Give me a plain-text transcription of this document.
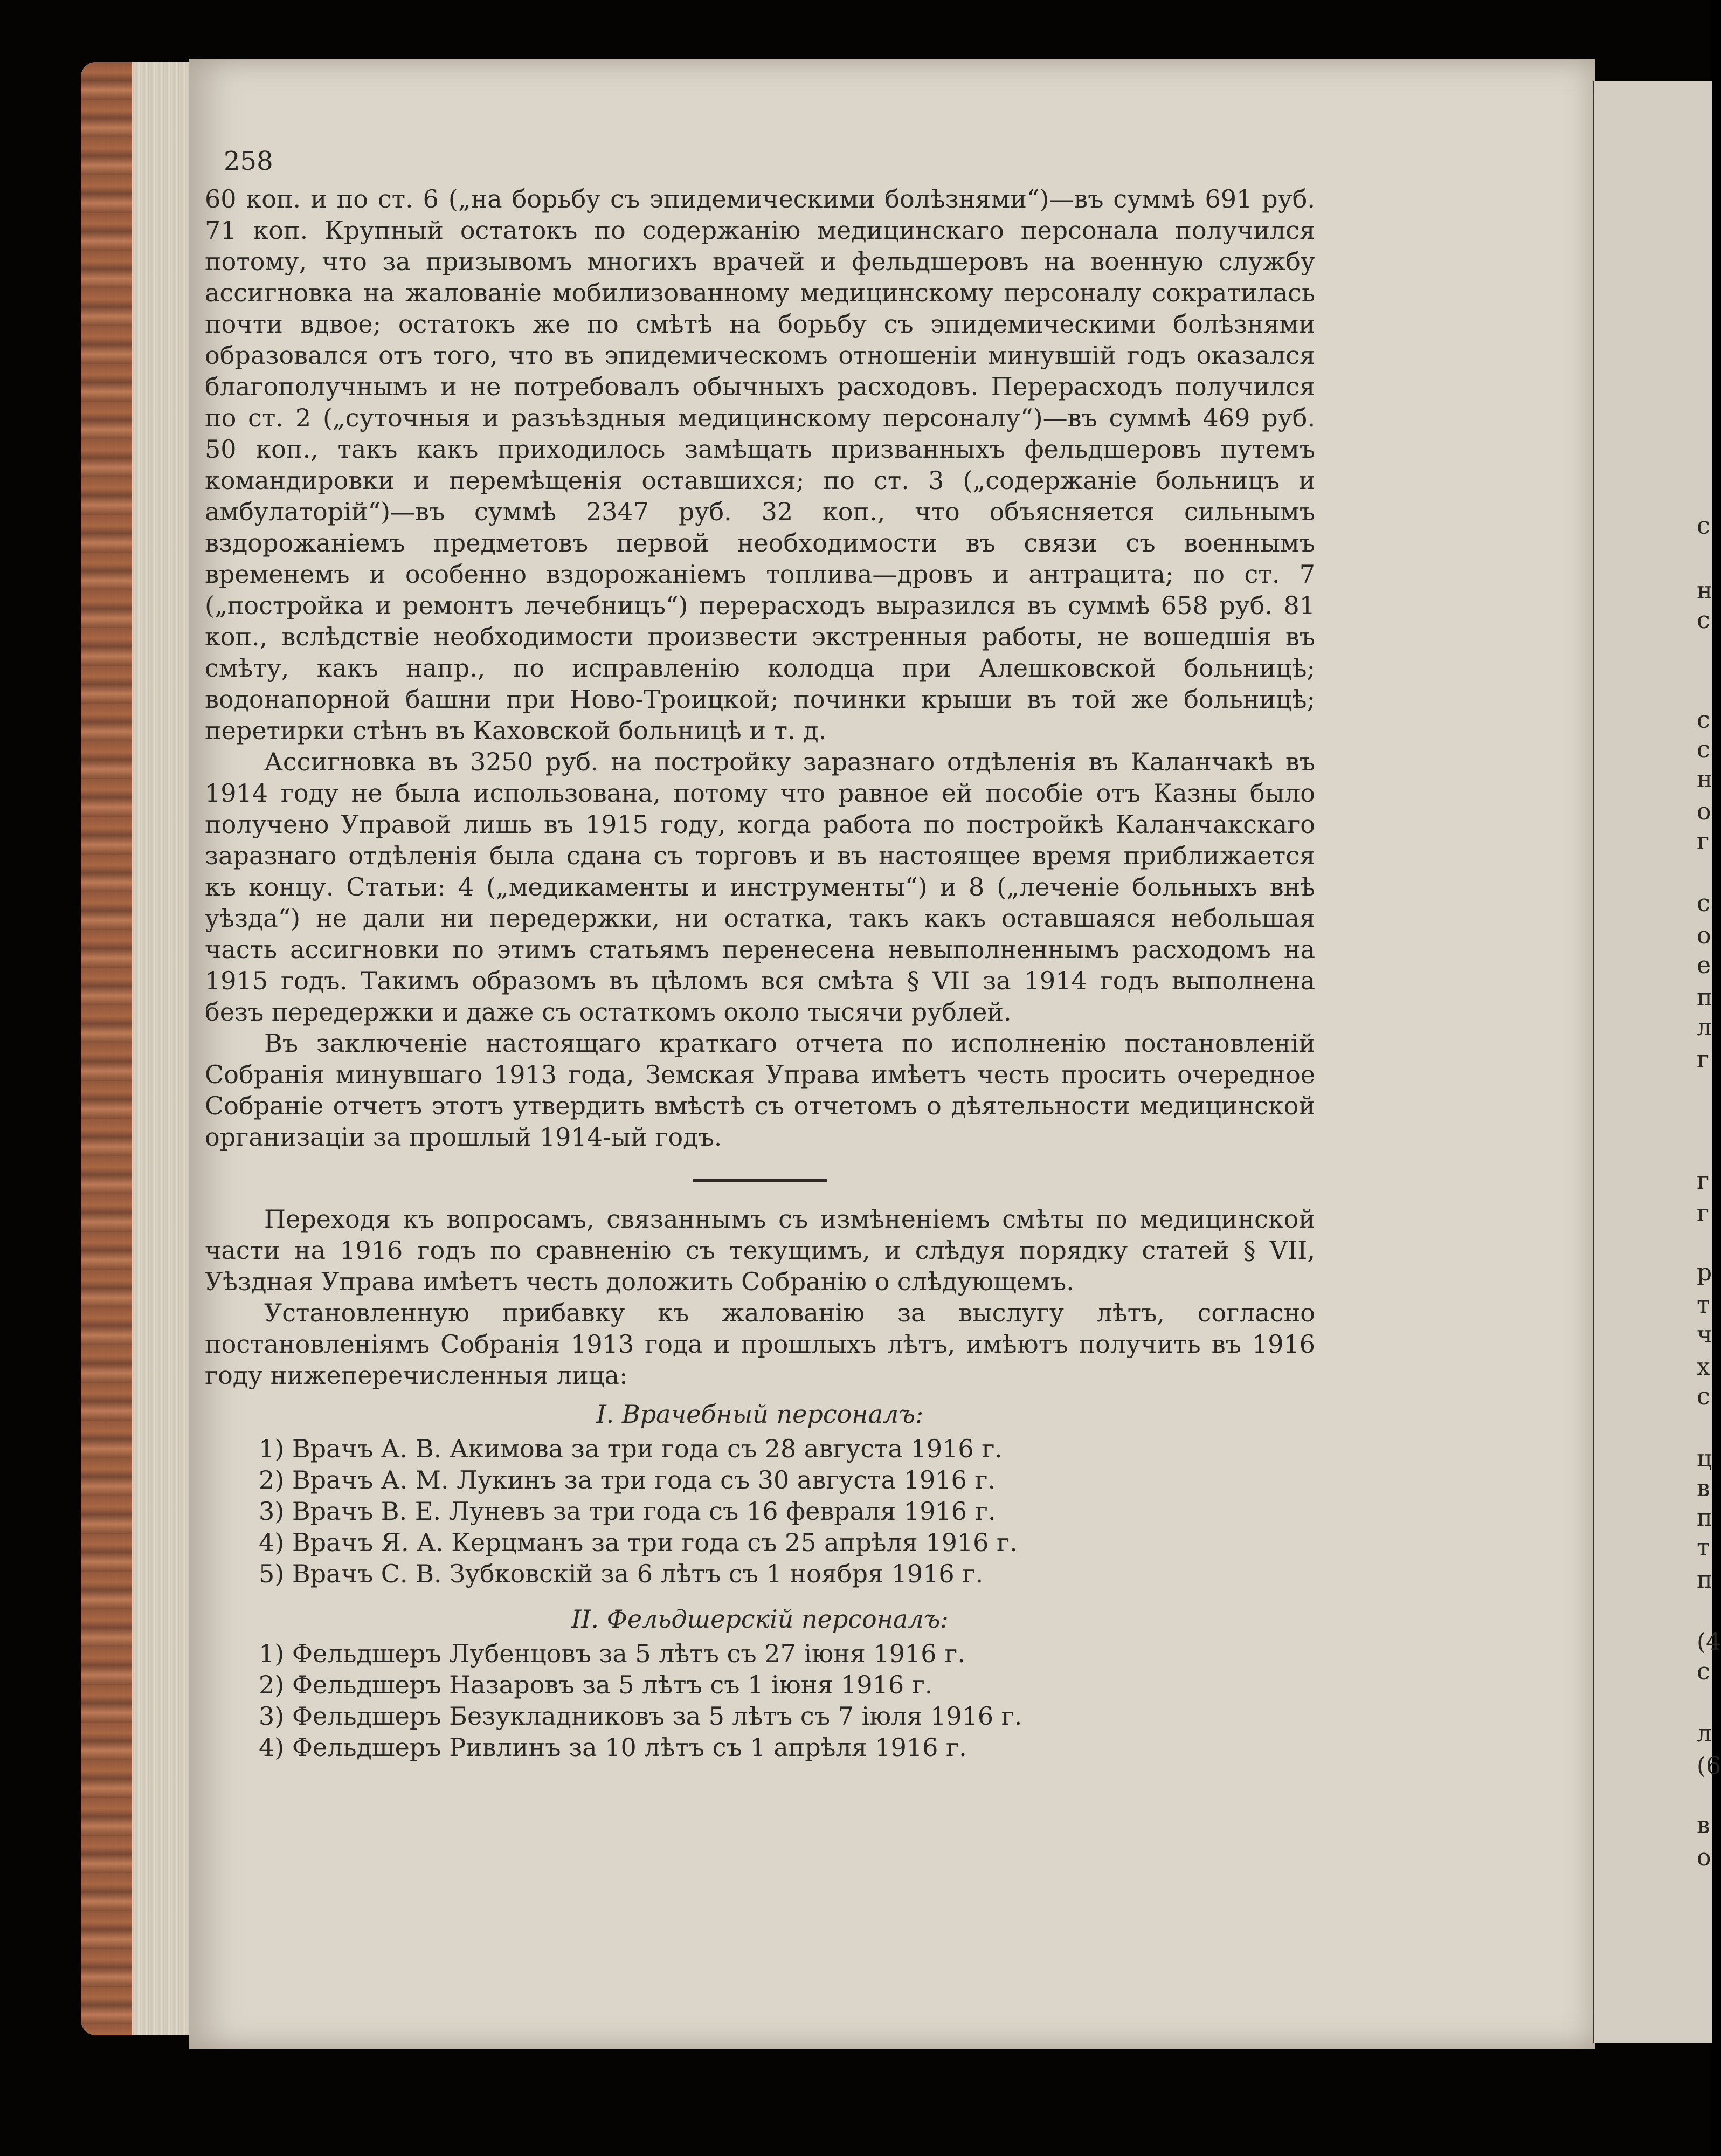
258

60 коп. и по ст. 6 („на борьбу съ эпидемическими болѣзнями“)—въ суммѣ 691 руб. 71 коп. Крупный остатокъ по содержанію медицинскаго персонала получился потому, что за призывомъ многихъ врачей и фельдшеровъ на военную службу ассигновка на жалованіе мобилизованному медицинскому персоналу сократилась почти вдвое; остатокъ же по смѣтѣ на борьбу съ эпидемическими болѣзнями образовался отъ того, что въ эпидемическомъ отношеніи минувшій годъ оказался благополучнымъ и не потребовалъ обычныхъ расходовъ. Перерасходъ получился по ст. 2 („суточныя и разъѣздныя медицинскому персоналу“)—въ суммѣ 469 руб. 50 коп., такъ какъ приходилось замѣщать призванныхъ фельдшеровъ путемъ командировки и перемѣщенія оставшихся; по ст. 3 („содержаніе больницъ и амбулаторій“)—въ суммѣ 2347 руб. 32 коп., что объясняется сильнымъ вздорожаніемъ предметовъ первой необходимости въ связи съ военнымъ временемъ и особенно вздорожаніемъ топлива—дровъ и антрацита; по ст. 7 („постройка и ремонтъ лечебницъ“) перерасходъ выразился въ суммѣ 658 руб. 81 коп., вслѣдствіе необходимости произвести экстренныя работы, не вошедшія въ смѣту, какъ напр., по исправленію колодца при Алешковской больницѣ; водонапорной башни при Ново-Троицкой; починки крыши въ той же больницѣ; перетирки стѣнъ въ Каховской больницѣ и т. д.

Ассигновка въ 3250 руб. на постройку заразнаго отдѣленія въ Каланчакѣ въ 1914 году не была использована, потому что равное ей пособіе отъ Казны было получено Управой лишь въ 1915 году, когда работа по постройкѣ Каланчакскаго заразнаго отдѣленія была сдана съ торговъ и въ настоящее время приближается къ концу. Статьи: 4 („медикаменты и инструменты“) и 8 („леченіе больныхъ внѣ уѣзда“) не дали ни передержки, ни остатка, такъ какъ оставшаяся небольшая часть ассигновки по этимъ статьямъ перенесена невыполненнымъ расходомъ на 1915 годъ. Такимъ образомъ въ цѣломъ вся смѣта § VII за 1914 годъ выполнена безъ передержки и даже съ остаткомъ около тысячи рублей.

Въ заключеніе настоящаго краткаго отчета по исполненію постановленій Собранія минувшаго 1913 года, Земская Управа имѣетъ честь просить очередное Собраніе отчетъ этотъ утвердить вмѣстѣ съ отчетомъ о дѣятельности медицинской организаціи за прошлый 1914-ый годъ.

Переходя къ вопросамъ, связаннымъ съ измѣненіемъ смѣты по медицинской части на 1916 годъ по сравненію съ текущимъ, и слѣдуя порядку статей § VII, Уѣздная Управа имѣетъ честь доложить Собранію о слѣдующемъ.

Установленную прибавку къ жалованію за выслугу лѣтъ, согласно постановленіямъ Собранія 1913 года и прошлыхъ лѣтъ, имѣютъ получить въ 1916 году нижеперечисленныя лица:

I. Врачебный персоналъ:
1) Врачъ А. В. Акимова за три года съ 28 августа 1916 г.
2) Врачъ А. М. Лукинъ за три года съ 30 августа 1916 г.
3) Врачъ В. Е. Луневъ за три года съ 16 февраля 1916 г.
4) Врачъ Я. А. Керцманъ за три года съ 25 апрѣля 1916 г.
5) Врачъ С. В. Зубковскій за 6 лѣтъ съ 1 ноября 1916 г.
II. Фельдшерскій персоналъ:
1) Фельдшеръ Лубенцовъ за 5 лѣтъ съ 27 іюня 1916 г.
2) Фельдшеръ Назаровъ за 5 лѣтъ съ 1 іюня 1916 г.
3) Фельдшеръ Безукладниковъ за 5 лѣтъ съ 7 іюля 1916 г.
4) Фельдшеръ Ривлинъ за 10 лѣтъ съ 1 апрѣля 1916 г.
с
н
с
с
с
н
о
г
с
о
е
п
л
г
г
г
р
т
ч
х
с
ц
в
п
т
п
(4
с
л
(6
в
о
